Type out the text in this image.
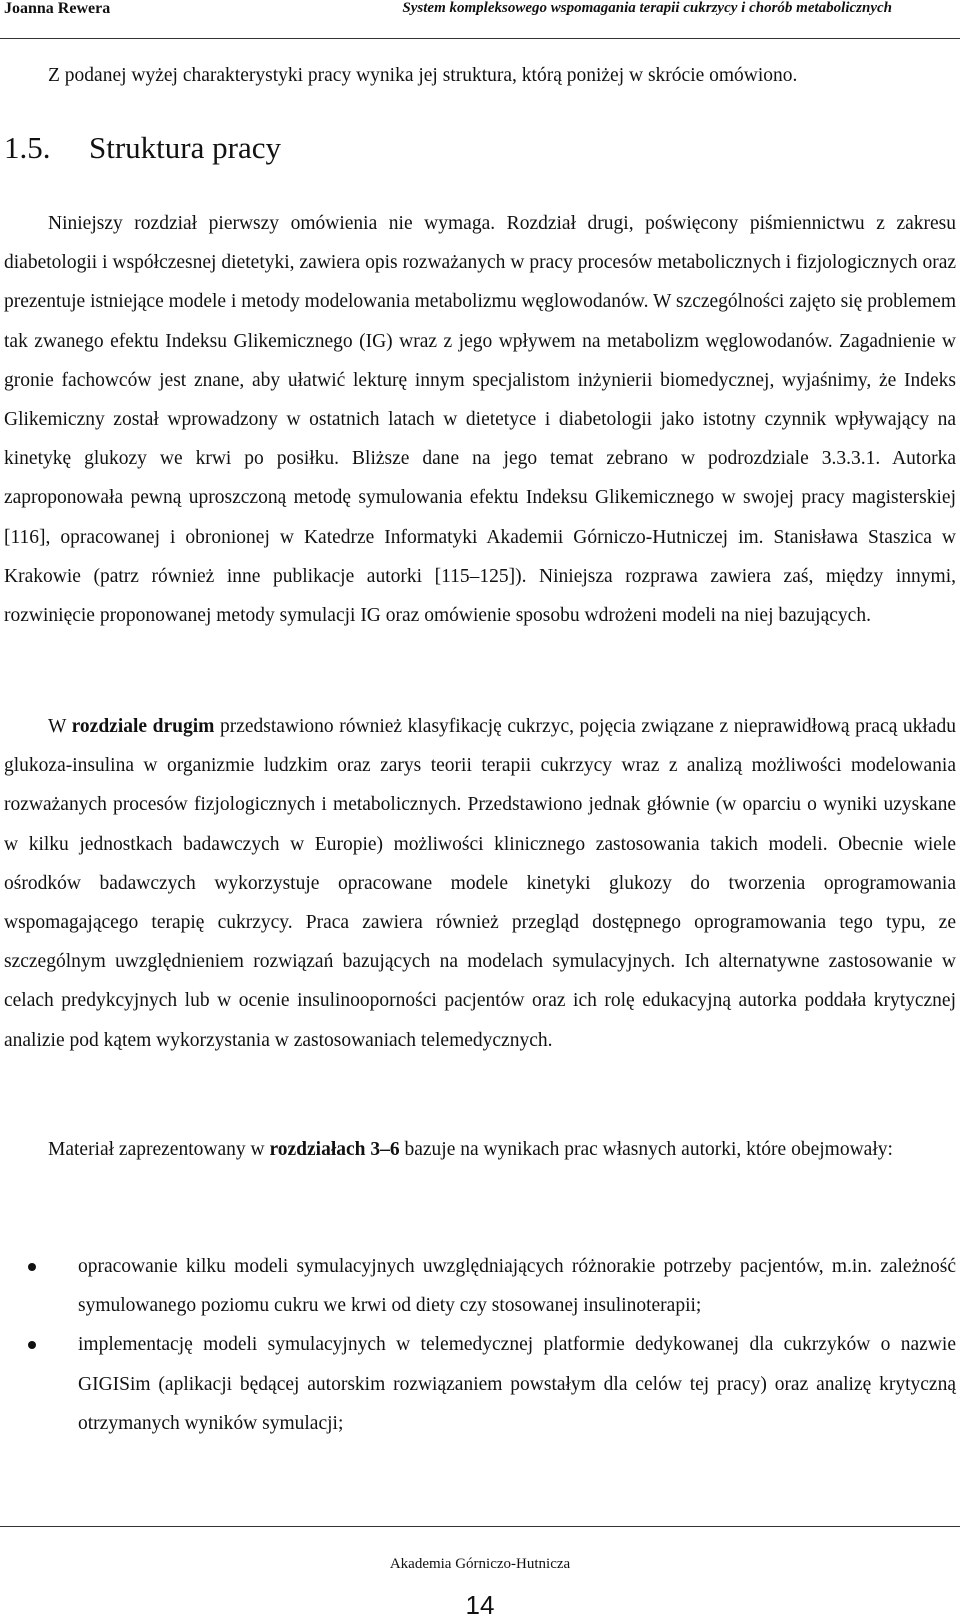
Joanna Rewera	System kompleksowego wspomagania terapii cukrzycy i chorób metabolicznych

Z podanej wyżej charakterystyki pracy wynika jej struktura, którą poniżej w skrócie omówiono.

1.5. Struktura pracy

Niniejszy rozdział pierwszy omówienia nie wymaga. Rozdział drugi, poświęcony piśmiennictwu z zakresu diabetologii i współczesnej dietetyki, zawiera opis rozważanych w pracy procesów metabolicznych i fizjologicznych oraz prezentuje istniejące modele i metody modelowania metabolizmu węglowodanów. W szczególności zajęto się problemem tak zwanego efektu Indeksu Glikemicznego (IG) wraz z jego wpływem na metabolizm węglowodanów. Zagadnienie w gronie fachowców jest znane, aby ułatwić lekturę innym specjalistom inżynierii biomedycznej, wyjaśnimy, że Indeks Glikemiczny został wprowadzony w ostatnich latach w dietetyce i diabetologii jako istotny czynnik wpływający na kinetykę glukozy we krwi po posiłku. Bliższe dane na jego temat zebrano w podrozdziale 3.3.3.1. Autorka zaproponowała pewną uproszczoną metodę symulowania efektu Indeksu Glikemicznego w swojej pracy magisterskiej [116], opracowanej i obronionej w Katedrze Informatyki Akademii Górniczo-Hutniczej im. Stanisława Staszica w Krakowie (patrz również inne publikacje autorki [115–125]). Niniejsza rozprawa zawiera zaś, między innymi, rozwinięcie proponowanej metody symulacji IG oraz omówienie sposobu wdrożeni modeli na niej bazujących.

W rozdziale drugim przedstawiono również klasyfikację cukrzyc, pojęcia związane z nieprawidłową pracą układu glukoza-insulina w organizmie ludzkim oraz zarys teorii terapii cukrzycy wraz z analizą możliwości modelowania rozważanych procesów fizjologicznych i metabolicznych. Przedstawiono jednak głównie (w oparciu o wyniki uzyskane w kilku jednostkach badawczych w Europie) możliwości klinicznego zastosowania takich modeli. Obecnie wiele ośrodków badawczych wykorzystuje opracowane modele kinetyki glukozy do tworzenia oprogramowania wspomagającego terapię cukrzycy. Praca zawiera również przegląd dostępnego oprogramowania tego typu, ze szczególnym uwzględnieniem rozwiązań bazujących na modelach symulacyjnych. Ich alternatywne zastosowanie w celach predykcyjnych lub w ocenie insulinooporności pacjentów oraz ich rolę edukacyjną autorka poddała krytycznej analizie pod kątem wykorzystania w zastosowaniach telemedycznych.

Materiał zaprezentowany w rozdziałach 3–6 bazuje na wynikach prac własnych autorki, które obejmowały:

opracowanie kilku modeli symulacyjnych uwzględniających różnorakie potrzeby pacjentów, m.in. zależność symulowanego poziomu cukru we krwi od diety czy stosowanej insulinoterapii;
implementację modeli symulacyjnych w telemedycznej platformie dedykowanej dla cukrzyków o nazwie GIGISim (aplikacji będącej autorskim rozwiązaniem powstałym dla celów tej pracy) oraz analizę krytyczną otrzymanych wyników symulacji;
Akademia Górniczo-Hutnicza
14
